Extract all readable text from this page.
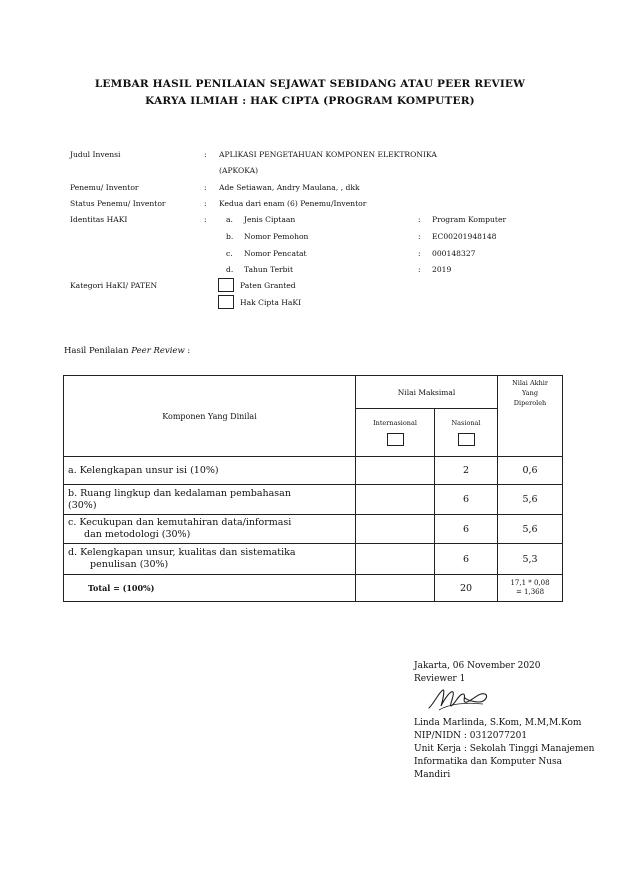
LEMBAR HASIL PENILAIAN SEJAWAT SEBIDANG ATAU PEER REVIEW
KARYA ILMIAH : HAK CIPTA (PROGRAM KOMPUTER)
Judul Invensi	: APLIKASI PENGETAHUAN KOMPONEN ELEKTRONIKA
(APKOKA)
Penemu/ Inventor	: Ade Setiawan, Andry Maulana, , dkk
Status Penemu/ Inventor	: Kedua dari enam (6) Penemu/Inventor
Identitas HAKI	:	a. Jenis Ciptaan	: Program Komputer
b. Nomor Pemohon	: EC00201948148
c. Nomor Pencatat	: 000148327
d. Tahun Terbit	: 2019
Kategori HaKI/ PATEN	Paten Granted
Hak Cipta HaKI
Hasil Penilaian Peer Review :
Komponen Yang Dinilai	Nilai Maksimal		Nilai Akhir
Yang
Diperoleh

	Internasional	Nasional	

a. Kelengkapan unsur isi (10%)		2	0,6

b. Ruang lingkup dan kedalaman pembahasan
(30%)		6	5,6

c. Kecukupan dan kemutahiran data/informasi
dan metodologi (30%)		6	5,6

d. Kelengkapan unsur, kualitas dan sistematika
penulisan (30%)		6	5,3
Total = (100%)		20	17,1 * 0,08
= 1,368
Jakarta, 06 November 2020
Reviewer 1
Linda Marlinda, S.Kom, M.M,M.Kom
NIP/NIDN : 0312077201
Unit Kerja : Sekolah Tinggi Manajemen
Informatika dan Komputer Nusa
Mandiri
